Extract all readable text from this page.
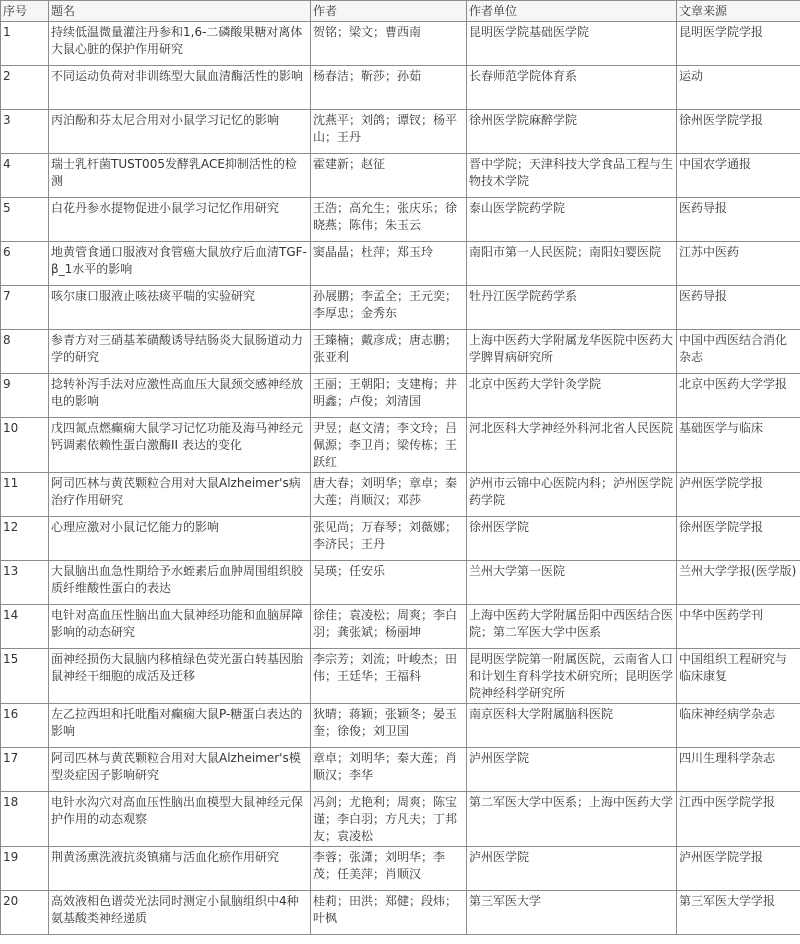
序号	题名	作者	作者单位	文章来源
1	持续低温微量灌注丹参和1,6-二磷酸果糖对离体大鼠心脏的保护作用研究	贺铭；梁文；曹西南	昆明医学院基础医学院	昆明医学院学报
2	不同运动负荷对非训练型大鼠血清酶活性的影响	杨春洁；靳莎；孙茹	长春师范学院体育系	运动
3	丙泊酚和芬太尼合用对小鼠学习记忆的影响	沈燕平；刘鸽；谭钗；杨平山；王丹	徐州医学院麻醉学院	徐州医学院学报
4	瑞士乳杆菌TUST005发酵乳ACE抑制活性的检测	霍建新；赵征	晋中学院；天津科技大学食品工程与生物技术学院	中国农学通报
5	白花丹参水提物促进小鼠学习记忆作用研究	王浩；高允生；张庆乐；徐晓燕；陈伟；朱玉云	泰山医学院药学院	医药导报
6	地黄管食通口服液对食管癌大鼠放疗后血清TGF-β_1水平的影响	窦晶晶；杜萍；郑玉玲	南阳市第一人民医院；南阳妇婴医院	江苏中医药
7	咳尔康口服液止咳祛痰平喘的实验研究	孙展鹏；李孟全；王元奕；李厚忠；金秀东	牡丹江医学院药学系	医药导报
8	参青方对三硝基苯磺酸诱导结肠炎大鼠肠道动力学的研究	王臻楠；戴彦成；唐志鹏；张亚利	上海中医药大学附属龙华医院中医药大学脾胃病研究所	中国中西医结合消化杂志
9	捻转补泻手法对应激性高血压大鼠颈交感神经放电的影响	王丽；王朝阳；支建梅；井明鑫；卢俊；刘清国	北京中医药大学针灸学院	北京中医药大学学报
10	戊四氮点燃癫痫大鼠学习记忆功能及海马神经元钙调素依赖性蛋白激酶II 表达的变化	尹昱；赵文清；李文玲；吕佩源；李卫肖；梁传栋；王跃红	河北医科大学神经外科河北省人民医院	基础医学与临床
11	阿司匹林与黄芪颗粒合用对大鼠Alzheimer's病治疗作用研究	唐大春；刘明华；章卓；秦大莲；肖顺汉；邓莎	泸州市云锦中心医院内科；泸州医学院药学院	泸州医学院学报
12	心理应激对小鼠记忆能力的影响	张见尚；万春琴；刘薇娜；李济民；王丹	徐州医学院	徐州医学院学报
13	大鼠脑出血急性期给予水蛭素后血肿周围组织胶质纤维酸性蛋白的表达	吴瑛；任安乐	兰州大学第一医院	兰州大学学报(医学版)
14	电针对高血压性脑出血大鼠神经功能和血脑屏障影响的动态研究	徐佳；袁凌松；周爽；李白羽；龚张斌；杨丽坤	上海中医药大学附属岳阳中西医结合医院；第二军医大学中医系	中华中医药学刊
15	面神经损伤大鼠脑内移植绿色荧光蛋白转基因胎鼠神经干细胞的成活及迁移	李宗芳；刘流；叶峻杰；田伟；王廷华；王福科	昆明医学院第一附属医院，云南省人口和计划生育科学技术研究所；昆明医学院神经科学研究所	中国组织工程研究与临床康复
16	左乙拉西坦和托吡酯对癫痫大鼠P-糖蛋白表达的影响	狄晴；蒋颖；张颖冬；晏玉奎；徐俊；刘卫国	南京医科大学附属脑科医院	临床神经病学杂志
17	阿司匹林与黄芪颗粒合用对大鼠Alzheimer's模型炎症因子影响研究	章卓；刘明华；秦大莲；肖顺汉；李华	泸州医学院	四川生理科学杂志
18	电针水沟穴对高血压性脑出血模型大鼠神经元保护作用的动态观察	冯剑；尤艳利；周爽；陈宝谨；李白羽；方凡夫；丁邦友；袁凌松	第二军医大学中医系；上海中医药大学	江西中医学院学报
19	荆黄汤熏洗液抗炎镇痛与活血化瘀作用研究	李蓉；张潇；刘明华；李茂；任美萍；肖顺汉	泸州医学院	泸州医学院学报
20	高效液相色谱荧光法同时测定小鼠脑组织中4种氨基酸类神经递质	桂莉；田洪；郑健；段炜；叶枫	第三军医大学	第三军医大学学报
